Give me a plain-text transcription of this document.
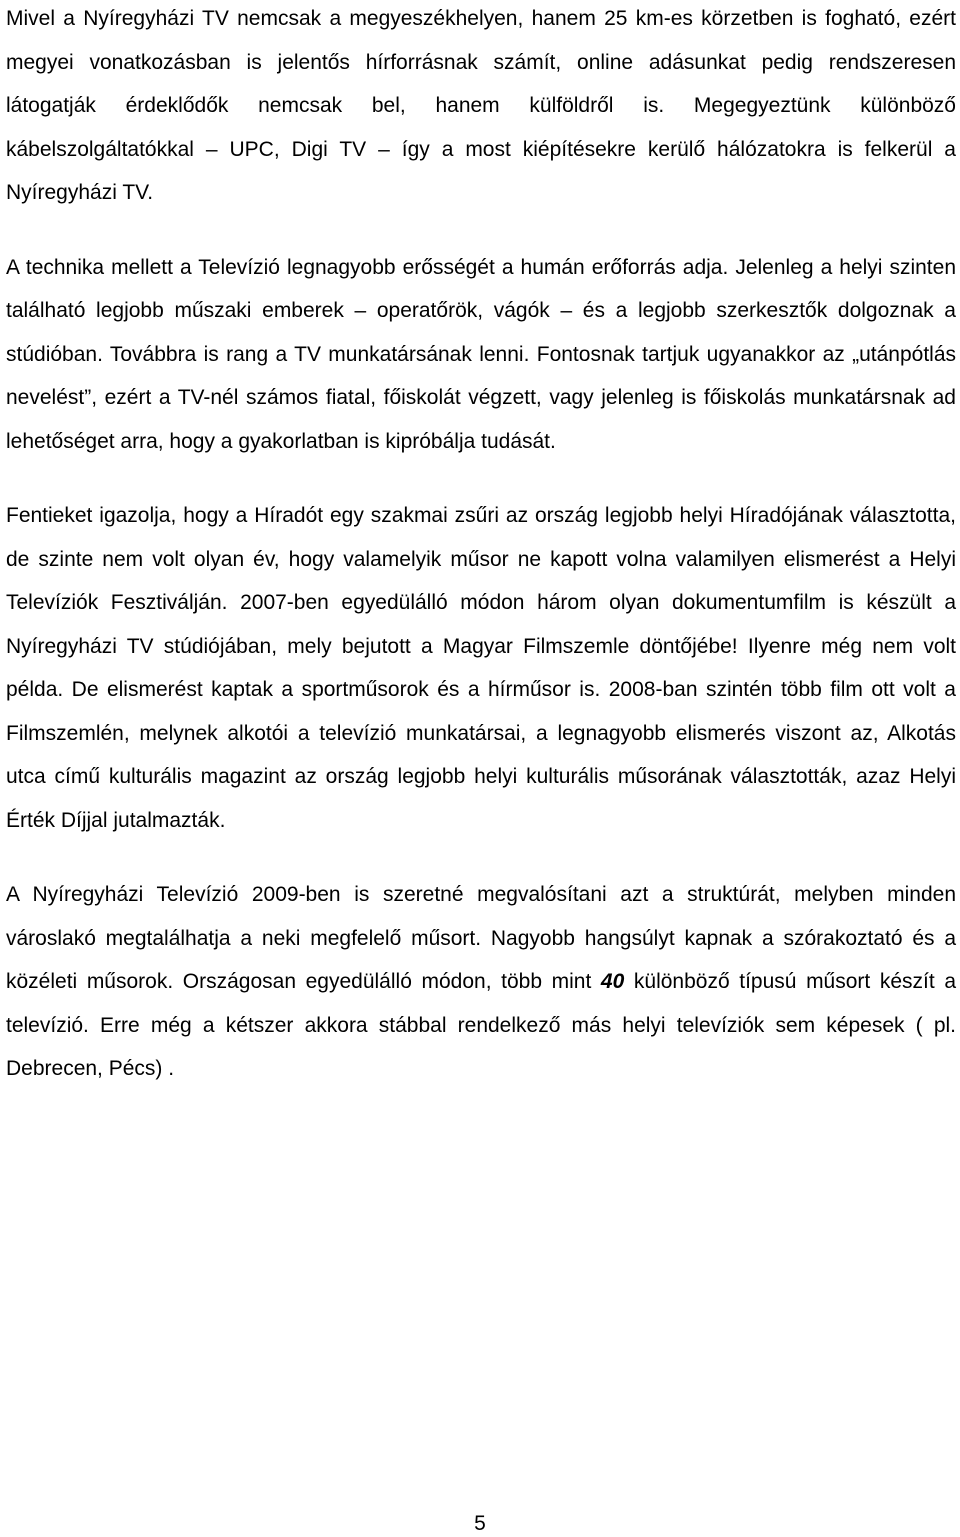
Mivel a Nyíregyházi TV nemcsak a megyeszékhelyen, hanem 25 km-es körzetben is fogható, ezért megyei vonatkozásban is jelentős hírforrásnak számít, online adásunkat pedig rendszeresen látogatják érdeklődők nemcsak bel, hanem külföldről is. Megegyeztünk különböző kábelszolgáltatókkal – UPC, Digi TV – így a most kiépítésekre kerülő hálózatokra is felkerül a Nyíregyházi TV.

A technika mellett a Televízió legnagyobb erősségét a humán erőforrás adja. Jelenleg a helyi szinten található legjobb műszaki emberek – operatőrök, vágók – és a legjobb szerkesztők dolgoznak a stúdióban. Továbbra is rang a TV munkatársának lenni. Fontosnak tartjuk ugyanakkor az „utánpótlás nevelést”, ezért a TV-nél számos fiatal, főiskolát végzett, vagy jelenleg is főiskolás munkatársnak ad lehetőséget arra, hogy a gyakorlatban is kipróbálja tudását.

Fentieket igazolja, hogy a Híradót egy szakmai zsűri az ország legjobb helyi Híradójának választotta, de szinte nem volt olyan év, hogy valamelyik műsor ne kapott volna valamilyen elismerést a Helyi Televíziók Fesztiválján. 2007-ben egyedülálló módon három olyan dokumentumfilm is készült a Nyíregyházi TV stúdiójában, mely bejutott a Magyar Filmszemle döntőjébe! Ilyenre még nem volt példa. De elismerést kaptak a sportműsorok és a hírműsor is. 2008-ban szintén több film ott volt a Filmszemlén, melynek alkotói a televízió munkatársai, a legnagyobb elismerés viszont az, Alkotás utca című kulturális magazint az ország legjobb helyi kulturális műsorának választották, azaz Helyi Érték Díjjal jutalmazták.

A Nyíregyházi Televízió 2009-ben is szeretné megvalósítani azt a struktúrát, melyben minden városlakó megtalálhatja a neki megfelelő műsort. Nagyobb hangsúlyt kapnak a szórakoztató és a közéleti műsorok. Országosan egyedülálló módon, több mint 40 különböző típusú műsort készít a televízió. Erre még a kétszer akkora stábbal rendelkező más helyi televíziók sem képesek ( pl. Debrecen, Pécs) .

5
